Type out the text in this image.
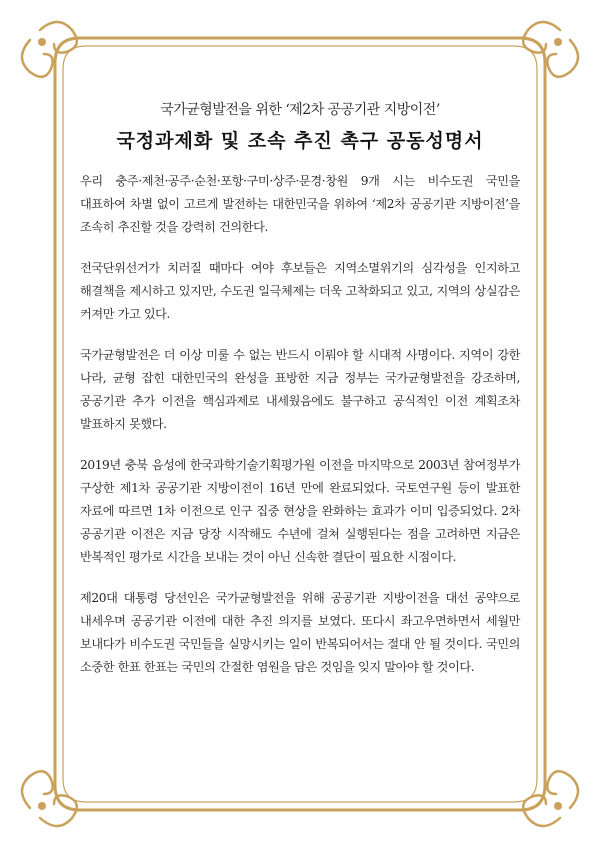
국가균형발전을 위한 ‘제2차 공공기관 지방이전’

국정과제화 및 조속 추진 촉구 공동성명서

우리 충주·제천·공주·순천·포항·구미·상주·문경·창원 9개 시는 비수도권 국민을 대표하여 차별 없이 고르게 발전하는 대한민국을 위하여 ‘제2차 공공기관 지방이전’을 조속히 추진할 것을 강력히 건의한다.

전국단위선거가 치러질 때마다 여야 후보들은 지역소멸위기의 심각성을 인지하고 해결책을 제시하고 있지만, 수도권 일극체제는 더욱 고착화되고 있고, 지역의 상실감은 커져만 가고 있다.

국가균형발전은 더 이상 미룰 수 없는 반드시 이뤄야 할 시대적 사명이다. 지역이 강한 나라, 균형 잡힌 대한민국의 완성을 표방한 지금 정부는 국가균형발전을 강조하며, 공공기관 추가 이전을 핵심과제로 내세웠음에도 불구하고 공식적인 이전 계획조차 발표하지 못했다.

2019년 충북 음성에 한국과학기술기획평가원 이전을 마지막으로 2003년 참여정부가 구상한 제1차 공공기관 지방이전이 16년 만에 완료되었다. 국토연구원 등이 발표한 자료에 따르면 1차 이전으로 인구 집중 현상을 완화하는 효과가 이미 입증되었다. 2차 공공기관 이전은 지금 당장 시작해도 수년에 걸쳐 실행된다는 점을 고려하면 지금은 반복적인 평가로 시간을 보내는 것이 아닌 신속한 결단이 필요한 시점이다.

제20대 대통령 당선인은 국가균형발전을 위해 공공기관 지방이전을 대선 공약으로 내세우며 공공기관 이전에 대한 추진 의지를 보였다. 또다시 좌고우면하면서 세월만 보내다가 비수도권 국민들을 실망시키는 일이 반복되어서는 절대 안 될 것이다. 국민의 소중한 한표 한표는 국민의 간절한 염원을 담은 것임을 잊지 말아야 할 것이다.
